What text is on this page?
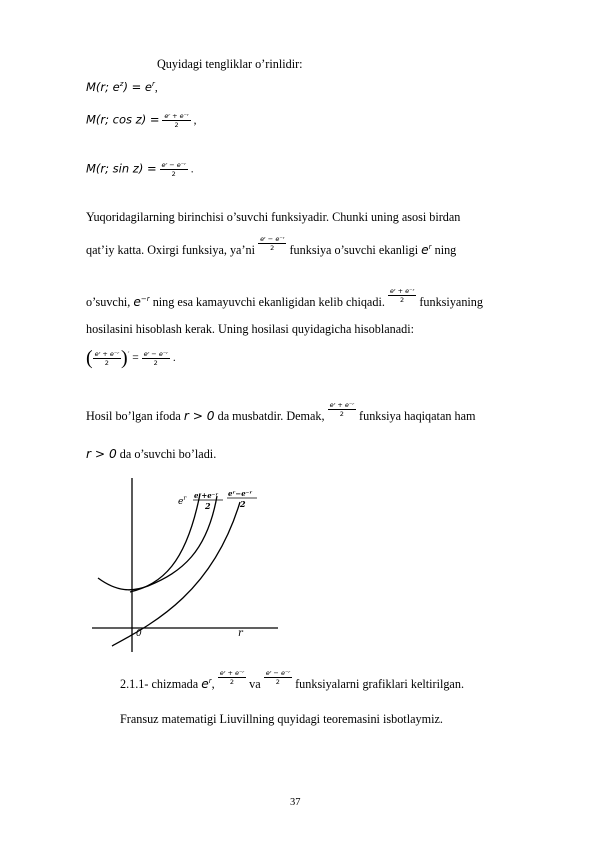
Quyidagi tengliklar o’rinlidir:
M(r; $e^z) = e^r$,
M(r; $\cos z) = \frac{\text{eʳ + e⁻ʳ}}{2}$ ,
M(r; $\sin z) = \frac{\text{eʳ − e⁻ʳ}}{2}$ .
Yuqoridagilarning birinchisi o’suvchi funksiyadir. Chunki uning asosi birdan
qat’iy katta. Oxirgi funksiya, ya’ni $\frac{\text{eʳ − e⁻ʳ}}{2}$ funksiya o’suvchi ekanligi $e^r$ ning
o’suvchi, $e^{-r}$ ning esa kamayuvchi ekanligidan kelib chiqadi. $\frac{\text{eʳ + e⁻ʳ}}{2}$ funksiyaning
hosilasini hisoblash kerak. Uning hosilasi quyidagicha hisoblanadi:
( $\frac{\text{eʳ + e⁻ʳ}}{2} )' = \frac{\text{eʳ − e⁻ʳ}}{2}$ .
Hosil bo’lgan ifoda r > 0 da musbatdir. Demak, $\frac{\text{eʳ + e⁻ʳ}}{2}$ funksiya haqiqatan ham
r > 0 da o’suvchi bo’ladi.
$e^r$ eʳ+e⁻ʳ
2
eʳ−e⁻ʳ
2
r
0
2.1.1- chizmada $e^r$, $\frac{\text{eʳ + e⁻ʳ}}{2}$ va $\frac{\text{eʳ − e⁻ʳ}}{2}$ funksiyalarni grafiklari keltirilgan.
Fransuz matematigi Liuvillning quyidagi teoremasini isbotlaymiz.
37
